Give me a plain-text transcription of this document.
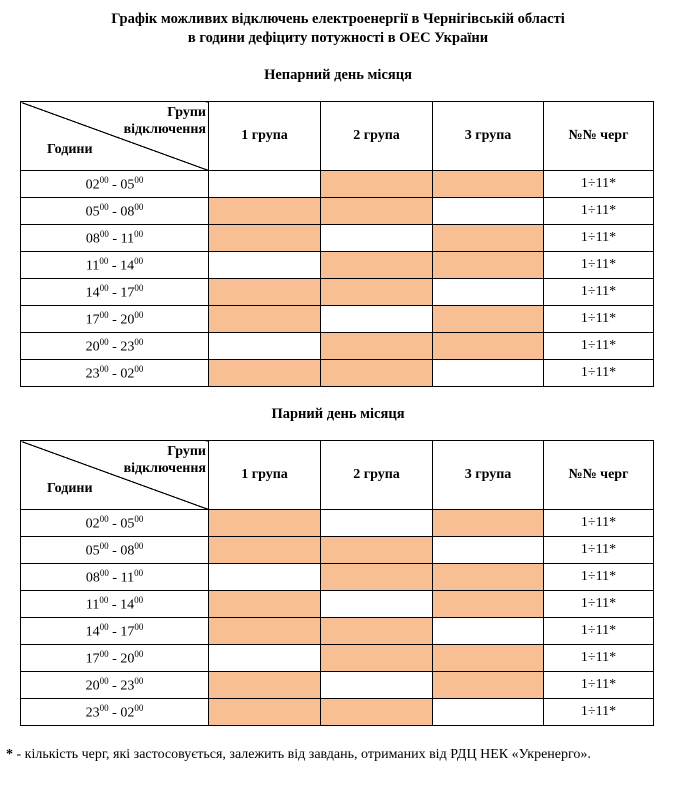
Графік можливих відключень електроенергії в Чернігівській області
в години дефіциту потужності в ОЕС України
Непарний день місяця
Групи
відключення
Години	1 група	2 група	3 група	№№ черг
$02^{00} - 05^{00}$				1÷11*
$05^{00} - 08^{00}$				1÷11*
$08^{00} - 11^{00}$				1÷11*
$11^{00} - 14^{00}$				1÷11*
$14^{00} - 17^{00}$				1÷11*
$17^{00} - 20^{00}$				1÷11*
$20^{00} - 23^{00}$				1÷11*
$23^{00} - 02^{00}$				1÷11*
Парний день місяця
Групи
відключення
Години	1 група	2 група	3 група	№№ черг
$02^{00} - 05^{00}$				1÷11*
$05^{00} - 08^{00}$				1÷11*
$08^{00} - 11^{00}$				1÷11*
$11^{00} - 14^{00}$				1÷11*
$14^{00} - 17^{00}$				1÷11*
$17^{00} - 20^{00}$				1÷11*
$20^{00} - 23^{00}$				1÷11*
$23^{00} - 02^{00}$				1÷11*
* - кількість черг, які застосовується, залежить від завдань, отриманих від РДЦ НЕК «Укренерго».
